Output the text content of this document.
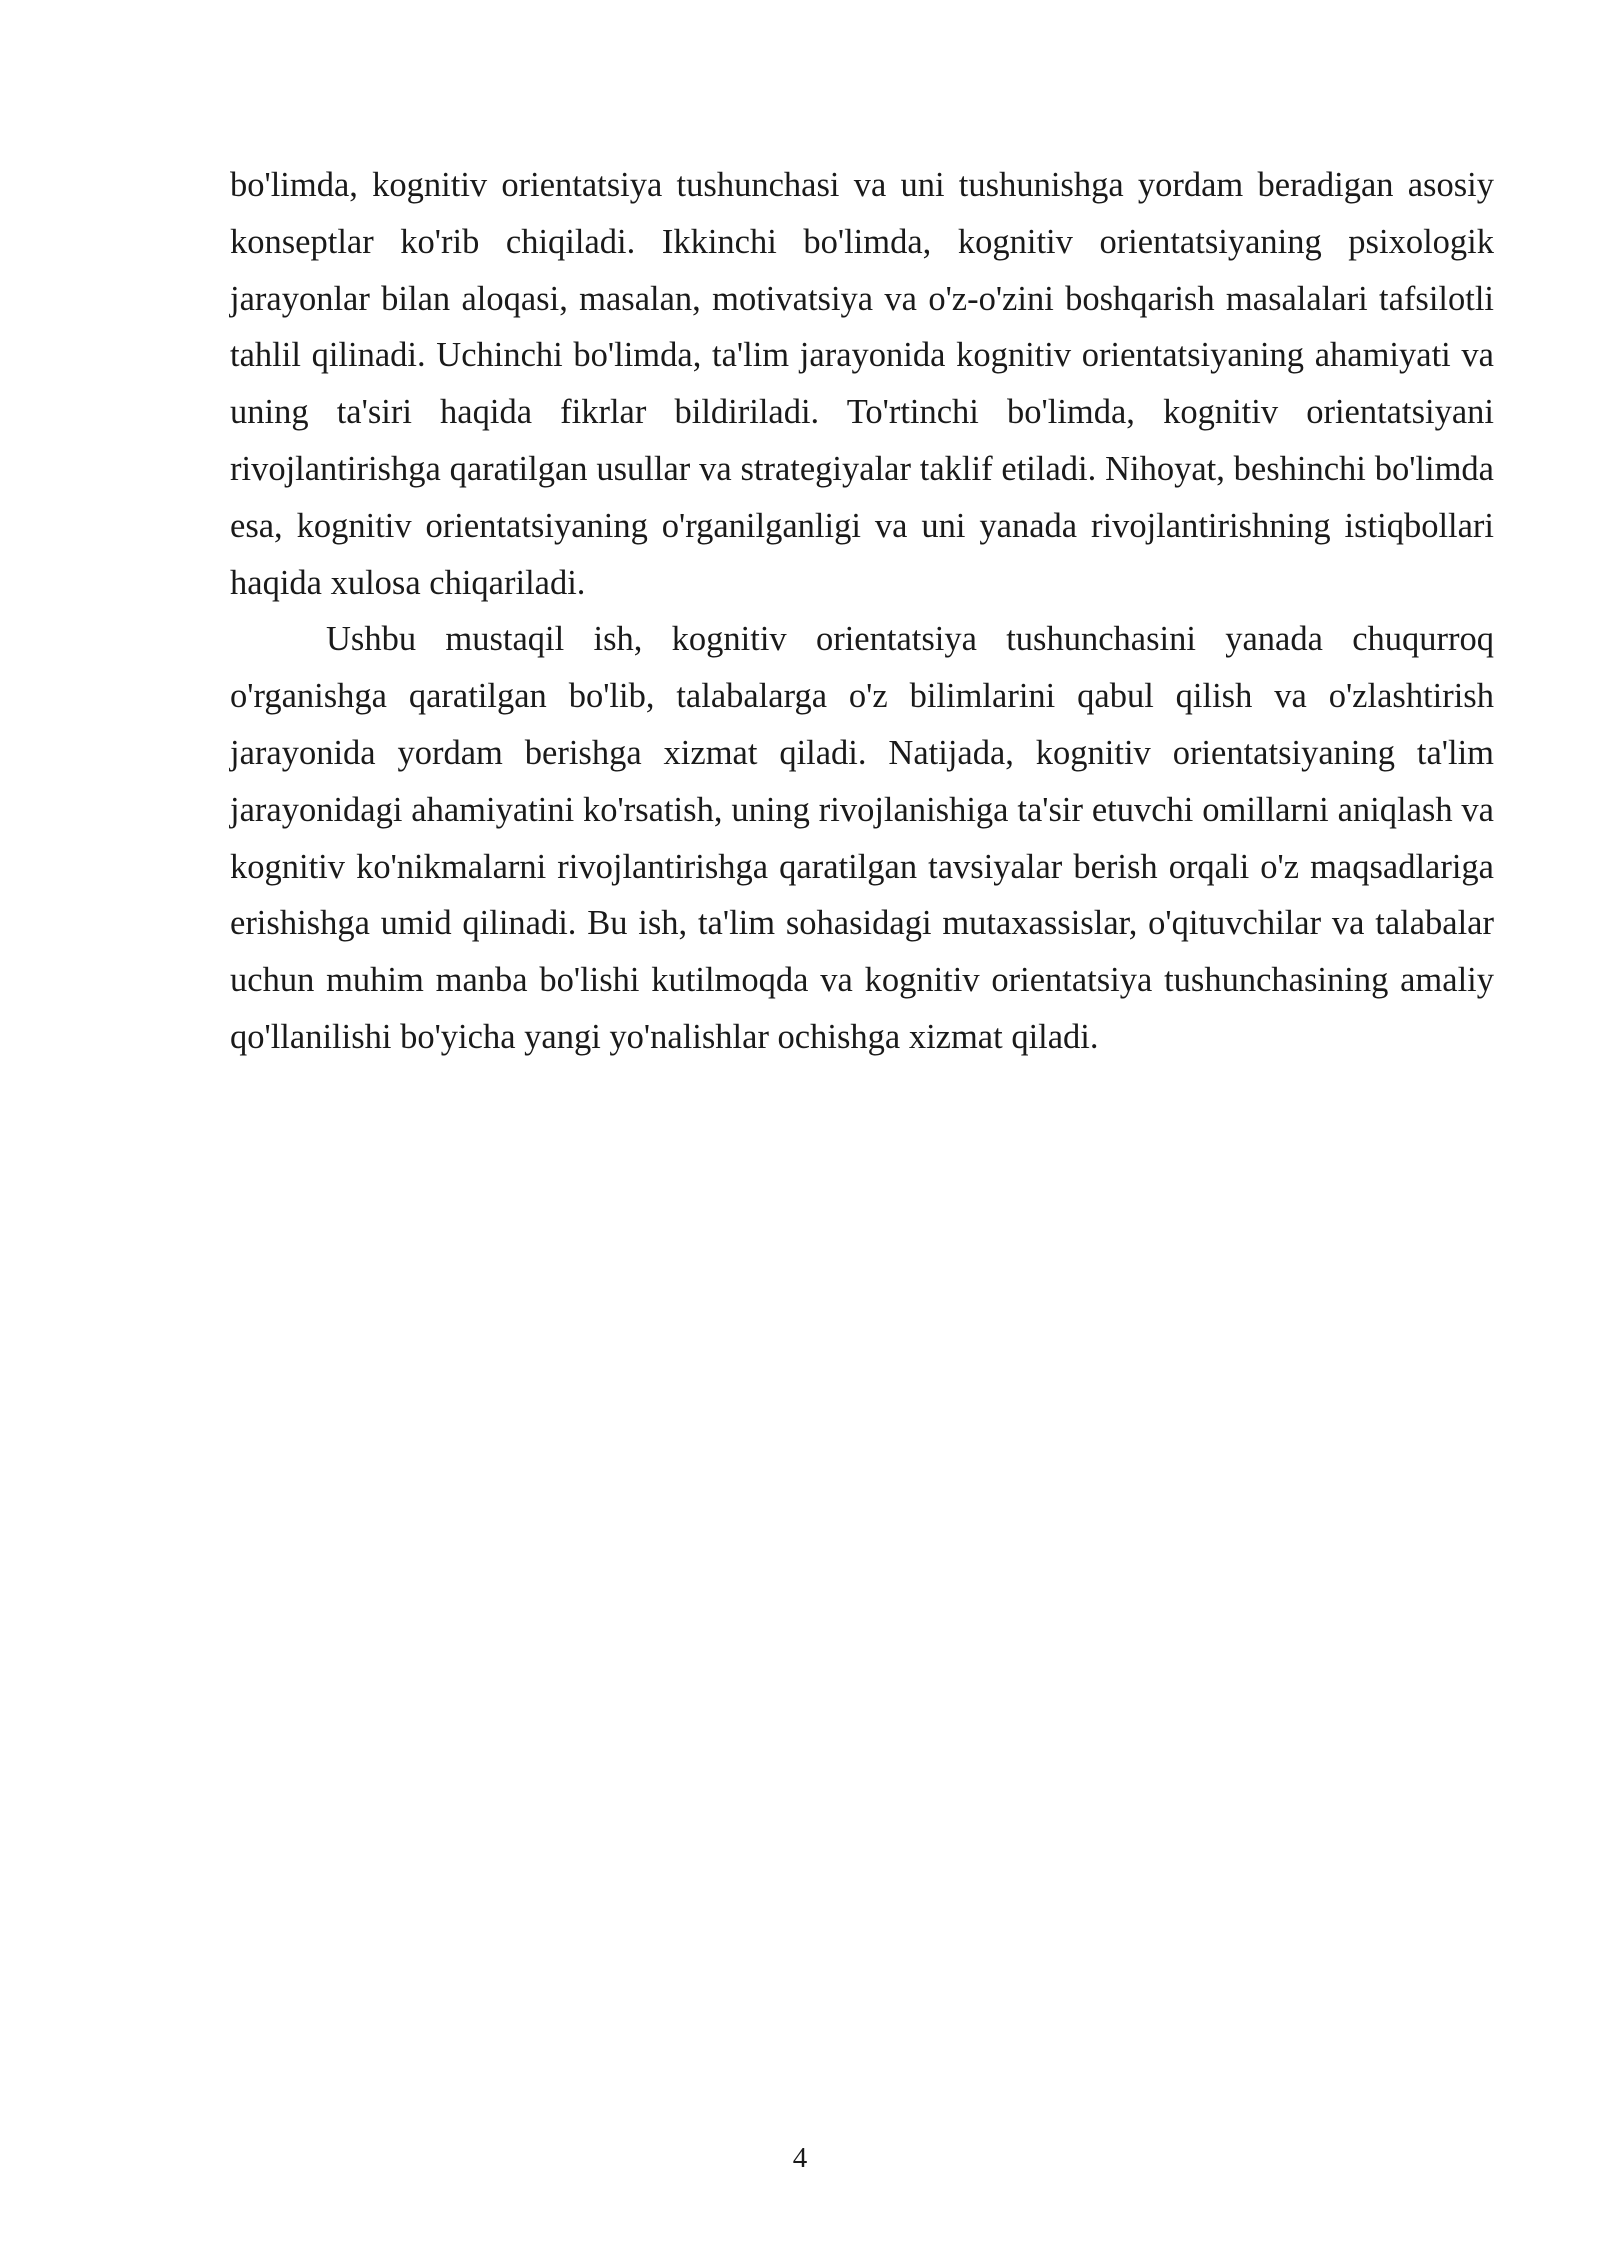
bo'limda, kognitiv orientatsiya tushunchasi va uni tushunishga yordam beradigan asosiy konseptlar ko'rib chiqiladi. Ikkinchi bo'limda, kognitiv orientatsiyaning psixologik jarayonlar bilan aloqasi, masalan, motivatsiya va o'z-o'zini boshqarish masalalari tafsilotli tahlil qilinadi. Uchinchi bo'limda, ta'lim jarayonida kognitiv orientatsiyaning ahamiyati va uning ta'siri haqida fikrlar bildiriladi. To'rtinchi bo'limda, kognitiv orientatsiyani rivojlantirishga qaratilgan usullar va strategiyalar taklif etiladi. Nihoyat, beshinchi bo'limda esa, kognitiv orientatsiyaning o'rganilganligi va uni yanada rivojlantirishning istiqbollari haqida xulosa chiqariladi.

Ushbu mustaqil ish, kognitiv orientatsiya tushunchasini yanada chuqurroq o'rganishga qaratilgan bo'lib, talabalarga o'z bilimlarini qabul qilish va o'zlashtirish jarayonida yordam berishga xizmat qiladi. Natijada, kognitiv orientatsiyaning ta'lim jarayonidagi ahamiyatini ko'rsatish, uning rivojlanishiga ta'sir etuvchi omillarni aniqlash va kognitiv ko'nikmalarni rivojlantirishga qaratilgan tavsiyalar berish orqali o'z maqsadlariga erishishga umid qilinadi. Bu ish, ta'lim sohasidagi mutaxassislar, o'qituvchilar va talabalar uchun muhim manba bo'lishi kutilmoqda va kognitiv orientatsiya tushunchasining amaliy qo'llanilishi bo'yicha yangi yo'nalishlar ochishga xizmat qiladi.

4
